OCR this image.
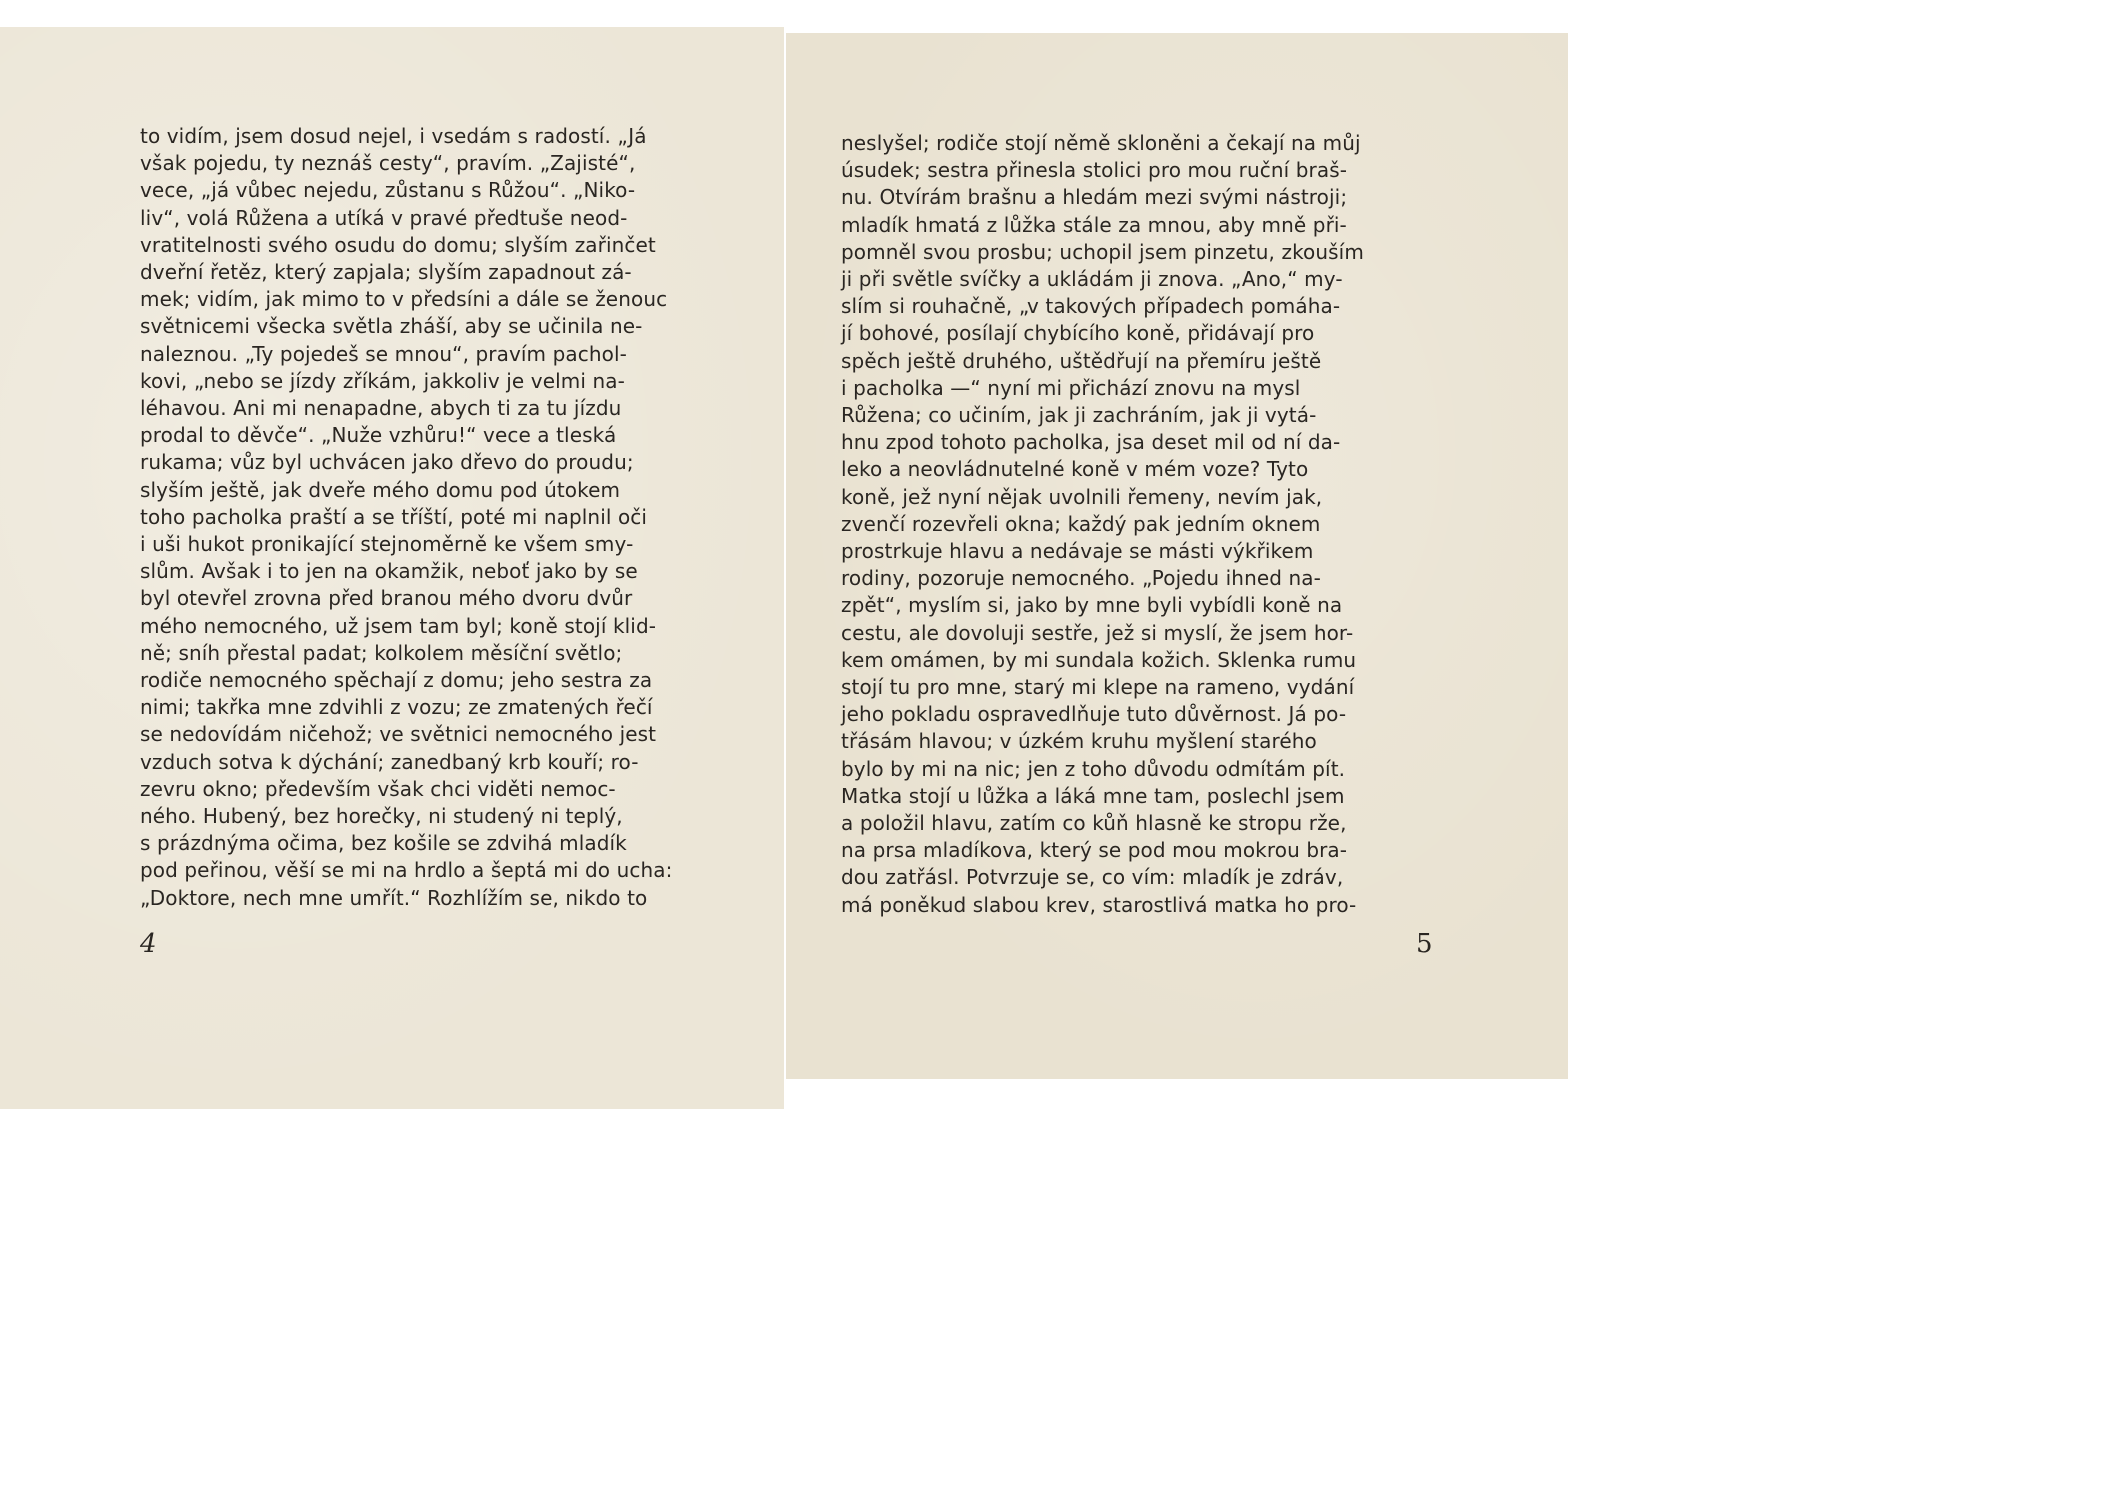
to vidím, jsem dosud nejel, i vsedám s radostí. „Já
však pojedu, ty neznáš cesty“, pravím. „Zajisté“,
vece, „já vůbec nejedu, zůstanu s Růžou“. „Niko-
liv“, volá Růžena a utíká v pravé předtuše neod-
vratitelnosti svého osudu do domu; slyším zařinčet
dveřní řetěz, který zapjala; slyším zapadnout zá-
mek; vidím, jak mimo to v předsíni a dále se ženouc
světnicemi všecka světla zháší, aby se učinila ne-
naleznou. „Ty pojedeš se mnou“, pravím pachol-
kovi, „nebo se jízdy zříkám, jakkoliv je velmi na-
léhavou. Ani mi nenapadne, abych ti za tu jízdu
prodal to děvče“. „Nuže vzhůru!“ vece a tleská
rukama; vůz byl uchvácen jako dřevo do proudu;
slyším ještě, jak dveře mého domu pod útokem
toho pacholka praští a se tříští, poté mi naplnil oči
i uši hukot pronikající stejnoměrně ke všem smy-
slům. Avšak i to jen na okamžik, neboť jako by se
byl otevřel zrovna před branou mého dvoru dvůr
mého nemocného, už jsem tam byl; koně stojí klid-
ně; sníh přestal padat; kolkolem měsíční světlo;
rodiče nemocného spěchají z domu; jeho sestra za
nimi; takřka mne zdvihli z vozu; ze zmatených řečí
se nedovídám ničehož; ve světnici nemocného jest
vzduch sotva k dýchání; zanedbaný krb kouří; ro-
zevru okno; především však chci viděti nemoc-
ného. Hubený, bez horečky, ni studený ni teplý,
s prázdnýma očima, bez košile se zdvihá mladík
pod peřinou, věší se mi na hrdlo a šeptá mi do ucha:
„Doktore, nech mne umřít.“ Rozhlížím se, nikdo to
4
neslyšel; rodiče stojí němě skloněni a čekají na můj
úsudek; sestra přinesla stolici pro mou ruční braš-
nu. Otvírám brašnu a hledám mezi svými nástroji;
mladík hmatá z lůžka stále za mnou, aby mně při-
pomněl svou prosbu; uchopil jsem pinzetu, zkouším
ji při světle svíčky a ukládám ji znova. „Ano,“ my-
slím si rouhačně, „v takových případech pomáha-
jí bohové, posílají chybícího koně, přidávají pro
spěch ještě druhého, uštědřují na přemíru ještě
i pacholka —“ nyní mi přichází znovu na mysl
Růžena; co učiním, jak ji zachráním, jak ji vytá-
hnu zpod tohoto pacholka, jsa deset mil od ní da-
leko a neovládnutelné koně v mém voze? Tyto
koně, jež nyní nějak uvolnili řemeny, nevím jak,
zvenčí rozevřeli okna; každý pak jedním oknem
prostrkuje hlavu a nedávaje se másti výkřikem
rodiny, pozoruje nemocného. „Pojedu ihned na-
zpět“, myslím si, jako by mne byli vybídli koně na
cestu, ale dovoluji sestře, jež si myslí, že jsem hor-
kem omámen, by mi sundala kožich. Sklenka rumu
stojí tu pro mne, starý mi klepe na rameno, vydání
jeho pokladu ospravedlňuje tuto důvěrnost. Já po-
třásám hlavou; v úzkém kruhu myšlení starého
bylo by mi na nic; jen z toho důvodu odmítám pít.
Matka stojí u lůžka a láká mne tam, poslechl jsem
a položil hlavu, zatím co kůň hlasně ke stropu rže,
na prsa mladíkova, který se pod mou mokrou bra-
dou zatřásl. Potvrzuje se, co vím: mladík je zdráv,
má poněkud slabou krev, starostlivá matka ho pro-
5
